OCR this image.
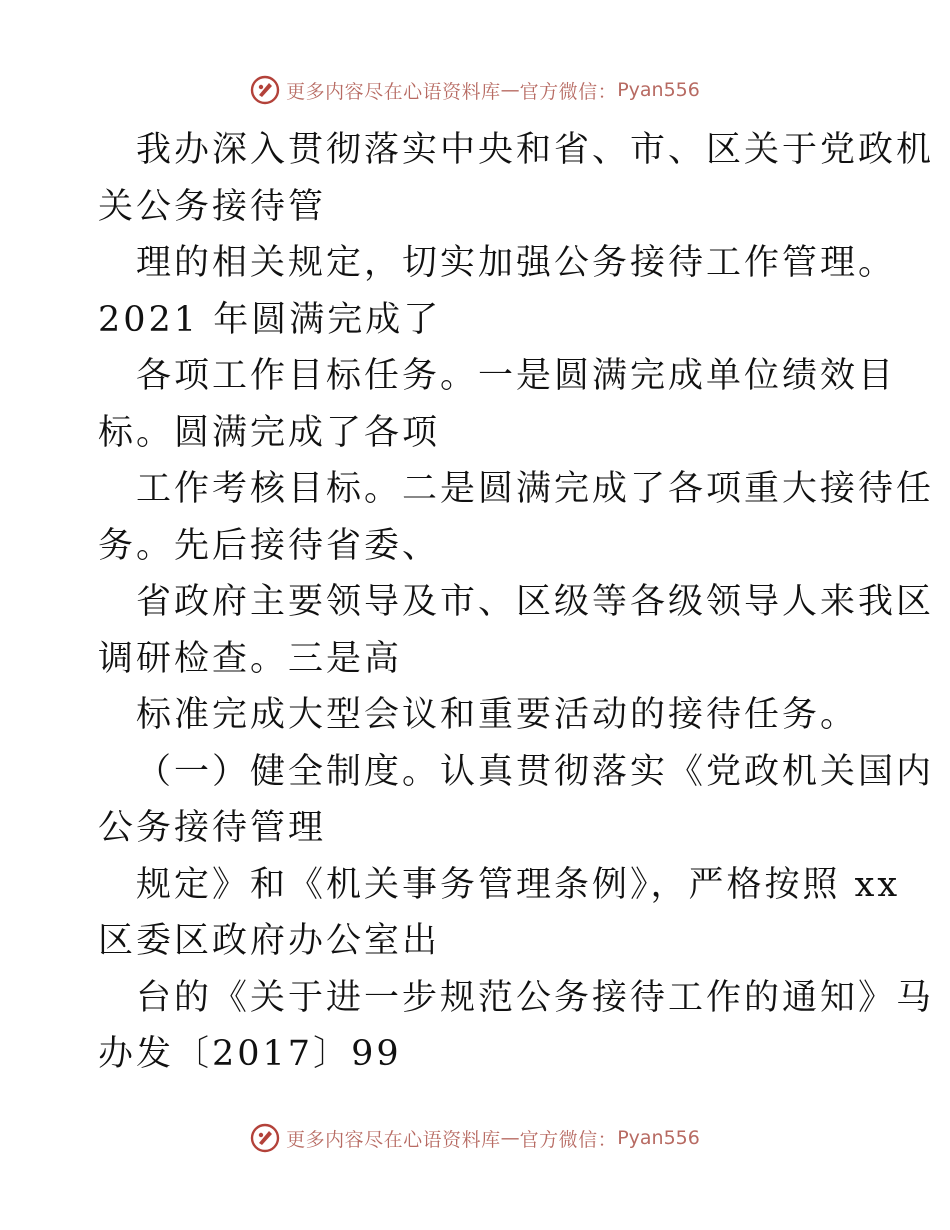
更多内容尽在心语资料库 — 官方微信： Pyan556
我办深入贯彻落实中央和省、市、区关于党政机
关公务接待管
理的相关规定，切实加强公务接待工作管理。
2021 年圆满完成了
各项工作目标任务。一是圆满完成单位绩效目
标。圆满完成了各项
工作考核目标。二是圆满完成了各项重大接待任
务。先后接待省委、
省政府主要领导及市、区级等各级领导人来我区
调研检查。三是高
标准完成大型会议和重要活动的接待任务。
（一）健全制度。认真贯彻落实《党政机关国内
公务接待管理
规定》和《机关事务管理条例》，严格按照 xx
区委区政府办公室出
台的《关于进一步规范公务接待工作的通知》马
办发〔2017〕99
更多内容尽在心语资料库 — 官方微信： Pyan556
